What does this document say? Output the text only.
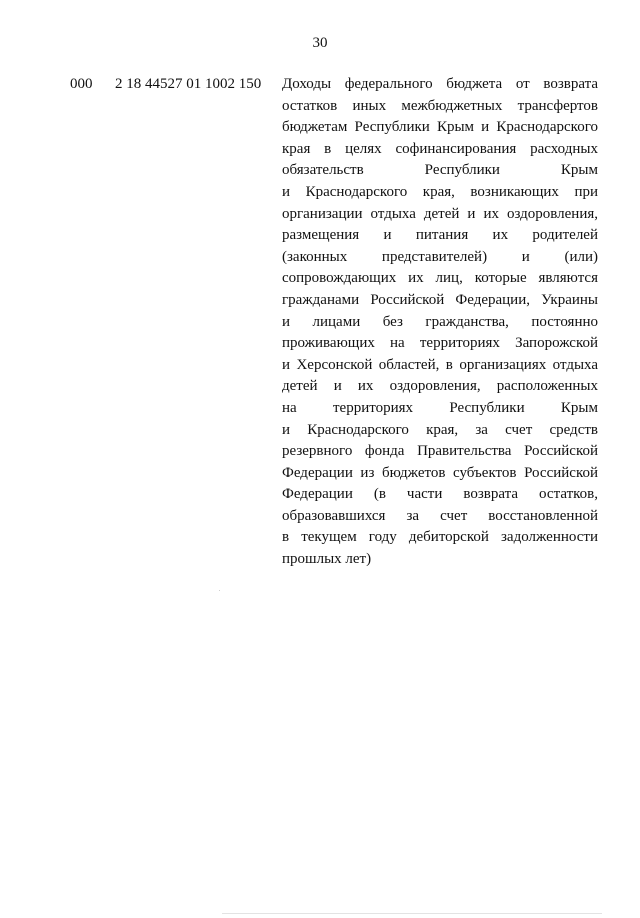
30
000 2 18 44527 01 1002 150 Доходы федерального бюджета от возврата
остатков иных межбюджетных трансфертов
бюджетам Республики Крым и Краснодарского
края в целях софинансирования расходных
обязательств Республики Крым
и Краснодарского края, возникающих при
организации отдыха детей и их оздоровления,
размещения и питания их родителей
(законных представителей) и (или)
сопровождающих их лиц, которые являются
гражданами Российской Федерации, Украины
и лицами без гражданства, постоянно
проживающих на территориях Запорожской
и Херсонской областей, в организациях отдыха
детей и их оздоровления, расположенных
на территориях Республики Крым
и Краснодарского края, за счет средств
резервного фонда Правительства Российской
Федерации из бюджетов субъектов Российской
Федерации (в части возврата остатков,
образовавшихся за счет восстановленной
в текущем году дебиторской задолженности
прошлых лет)
